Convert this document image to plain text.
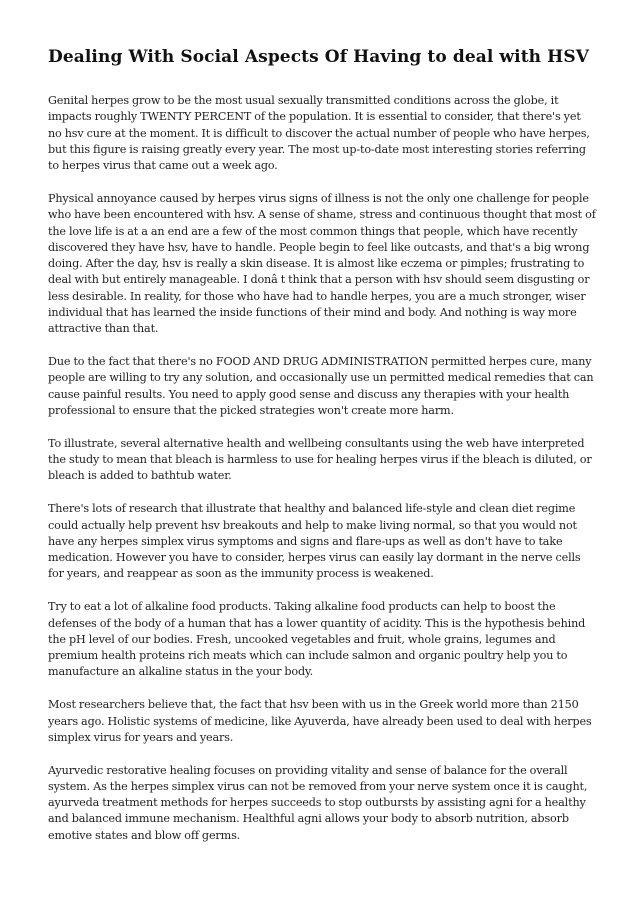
Dealing With Social Aspects Of Having to deal with HSV

Genital herpes grow to be the most usual sexually transmitted conditions across the globe, it impacts roughly TWENTY PERCENT of the population. It is essential to consider, that there's yet no hsv cure at the moment. It is difficult to discover the actual number of people who have herpes, but this figure is raising greatly every year. The most up-to-date most interesting stories referring to herpes virus that came out a week ago.

Physical annoyance caused by herpes virus signs of illness is not the only one challenge for people who have been encountered with hsv. A sense of shame, stress and continuous thought that most of the love life is at a an end are a few of the most common things that people, which have recently discovered they have hsv, have to handle. People begin to feel like outcasts, and that's a big wrong doing. After the day, hsv is really a skin disease. It is almost like eczema or pimples; frustrating to deal with but entirely manageable. I donâ t think that a person with hsv should seem disgusting or less desirable. In reality, for those who have had to handle herpes, you are a much stronger, wiser individual that has learned the inside functions of their mind and body. And nothing is way more attractive than that.

Due to the fact that there's no FOOD AND DRUG ADMINISTRATION permitted herpes cure, many people are willing to try any solution, and occasionally use un permitted medical remedies that can cause painful results. You need to apply good sense and discuss any therapies with your health professional to ensure that the picked strategies won't create more harm.

To illustrate, several alternative health and wellbeing consultants using the web have interpreted the study to mean that bleach is harmless to use for healing herpes virus if the bleach is diluted, or bleach is added to bathtub water.

There's lots of research that illustrate that healthy and balanced life-style and clean diet regime could actually help prevent hsv breakouts and help to make living normal, so that you would not have any herpes simplex virus symptoms and signs and flare-ups as well as don't have to take medication. However you have to consider, herpes virus can easily lay dormant in the nerve cells for years, and reappear as soon as the immunity process is weakened.

Try to eat a lot of alkaline food products. Taking alkaline food products can help to boost the defenses of the body of a human that has a lower quantity of acidity. This is the hypothesis behind the pH level of our bodies. Fresh, uncooked vegetables and fruit, whole grains, legumes and premium health proteins rich meats which can include salmon and organic poultry help you to manufacture an alkaline status in the your body.

Most researchers believe that, the fact that hsv been with us in the Greek world more than 2150 years ago. Holistic systems of medicine, like Ayuverda, have already been used to deal with herpes simplex virus for years and years.

Ayurvedic restorative healing focuses on providing vitality and sense of balance for the overall system. As the herpes simplex virus can not be removed from your nerve system once it is caught, ayurveda treatment methods for herpes succeeds to stop outbursts by assisting agni for a healthy and balanced immune mechanism. Healthful agni allows your body to absorb nutrition, absorb emotive states and blow off germs.
